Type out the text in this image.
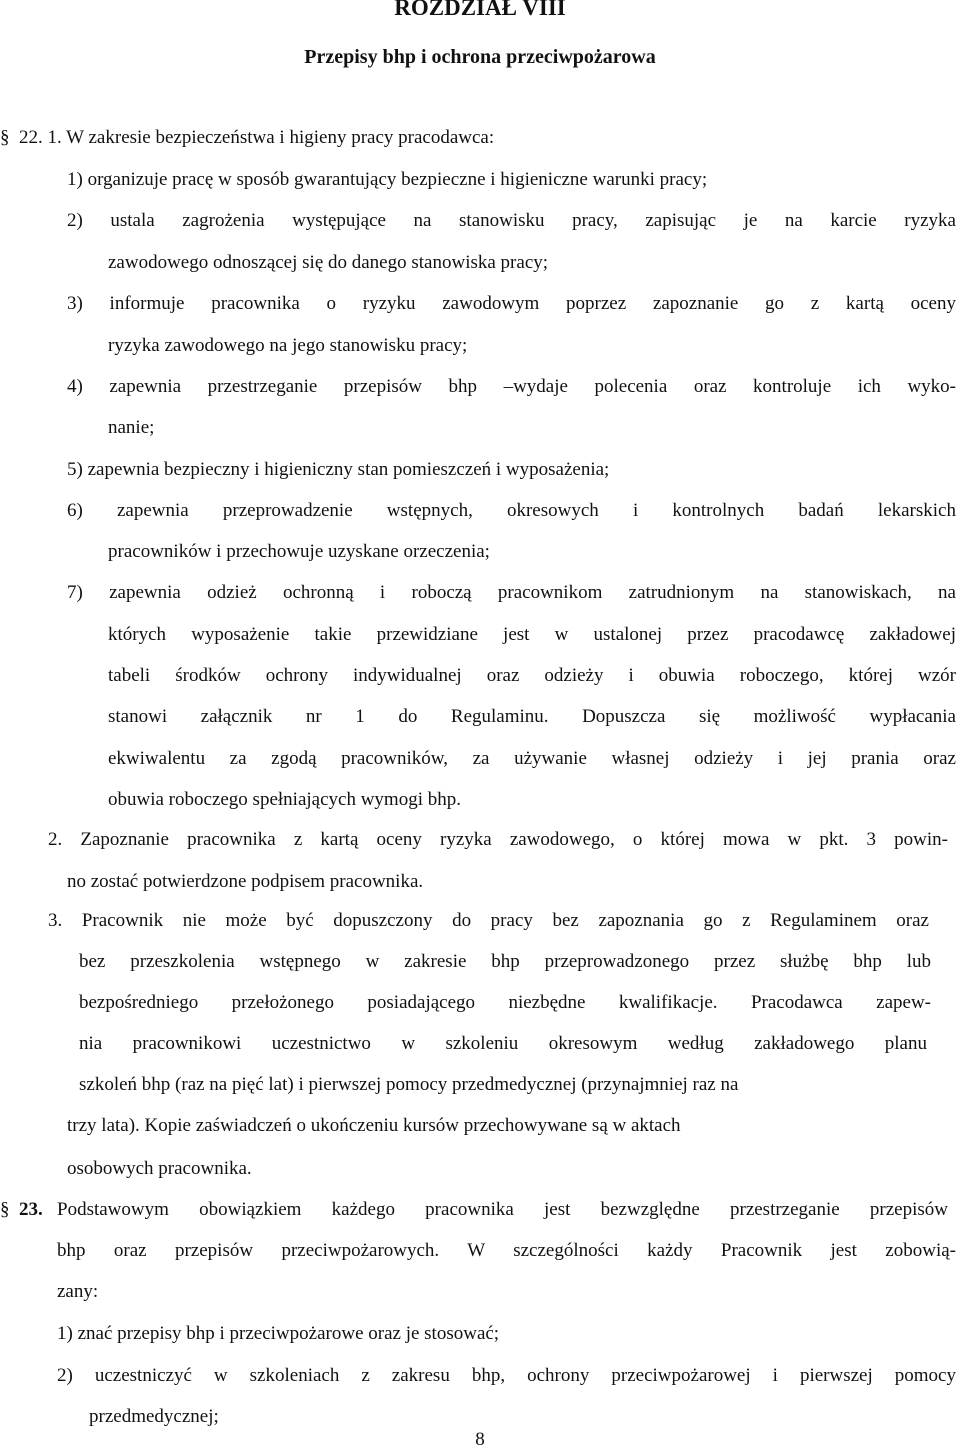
ROZDZIAŁ VIII
Przepisy bhp i ochrona przeciwpożarowa
§ 22. 1. W zakresie bezpieczeństwa i higieny pracy pracodawca:
1) organizuje pracę w sposób gwarantujący bezpieczne i higieniczne warunki pracy;
2) ustala zagrożenia występujące na stanowisku pracy, zapisując je na karcie ryzyka
zawodowego odnoszącej się do danego stanowiska pracy;
3) informuje pracownika o ryzyku zawodowym poprzez zapoznanie go z kartą oceny
ryzyka zawodowego na jego stanowisku pracy;
4) zapewnia przestrzeganie przepisów bhp –wydaje polecenia oraz kontroluje ich wyko-
nanie;
5) zapewnia bezpieczny i higieniczny stan pomieszczeń i wyposażenia;
6) zapewnia przeprowadzenie wstępnych, okresowych i kontrolnych badań lekarskich
pracowników i przechowuje uzyskane orzeczenia;
7) zapewnia odzież ochronną i roboczą pracownikom zatrudnionym na stanowiskach, na
których wyposażenie takie przewidziane jest w ustalonej przez pracodawcę zakładowej
tabeli środków ochrony indywidualnej oraz odzieży i obuwia roboczego, której wzór
stanowi załącznik nr 1 do Regulaminu. Dopuszcza się możliwość wypłacania
ekwiwalentu za zgodą pracowników, za używanie własnej odzieży i jej prania oraz
obuwia roboczego spełniających wymogi bhp.
2. Zapoznanie pracownika z kartą oceny ryzyka zawodowego, o której mowa w pkt. 3 powin-
no zostać potwierdzone podpisem pracownika.
3. Pracownik nie może być dopuszczony do pracy bez zapoznania go z Regulaminem oraz
bez przeszkolenia wstępnego w zakresie bhp przeprowadzonego przez służbę bhp lub
bezpośredniego przełożonego posiadającego niezbędne kwalifikacje. Pracodawca zapew-
nia pracownikowi uczestnictwo w szkoleniu okresowym według zakładowego planu
szkoleń bhp (raz na pięć lat) i pierwszej pomocy przedmedycznej (przynajmniej raz na
trzy lata). Kopie zaświadczeń o ukończeniu kursów przechowywane są w aktach
osobowych pracownika.
§ 23. Podstawowym obowiązkiem każdego pracownika jest bezwzględne przestrzeganie przepisów
bhp oraz przepisów przeciwpożarowych. W szczególności każdy Pracownik jest zobowią-
zany:
1) znać przepisy bhp i przeciwpożarowe oraz je stosować;
2) uczestniczyć w szkoleniach z zakresu bhp, ochrony przeciwpożarowej i pierwszej pomocy
przedmedycznej;
8
